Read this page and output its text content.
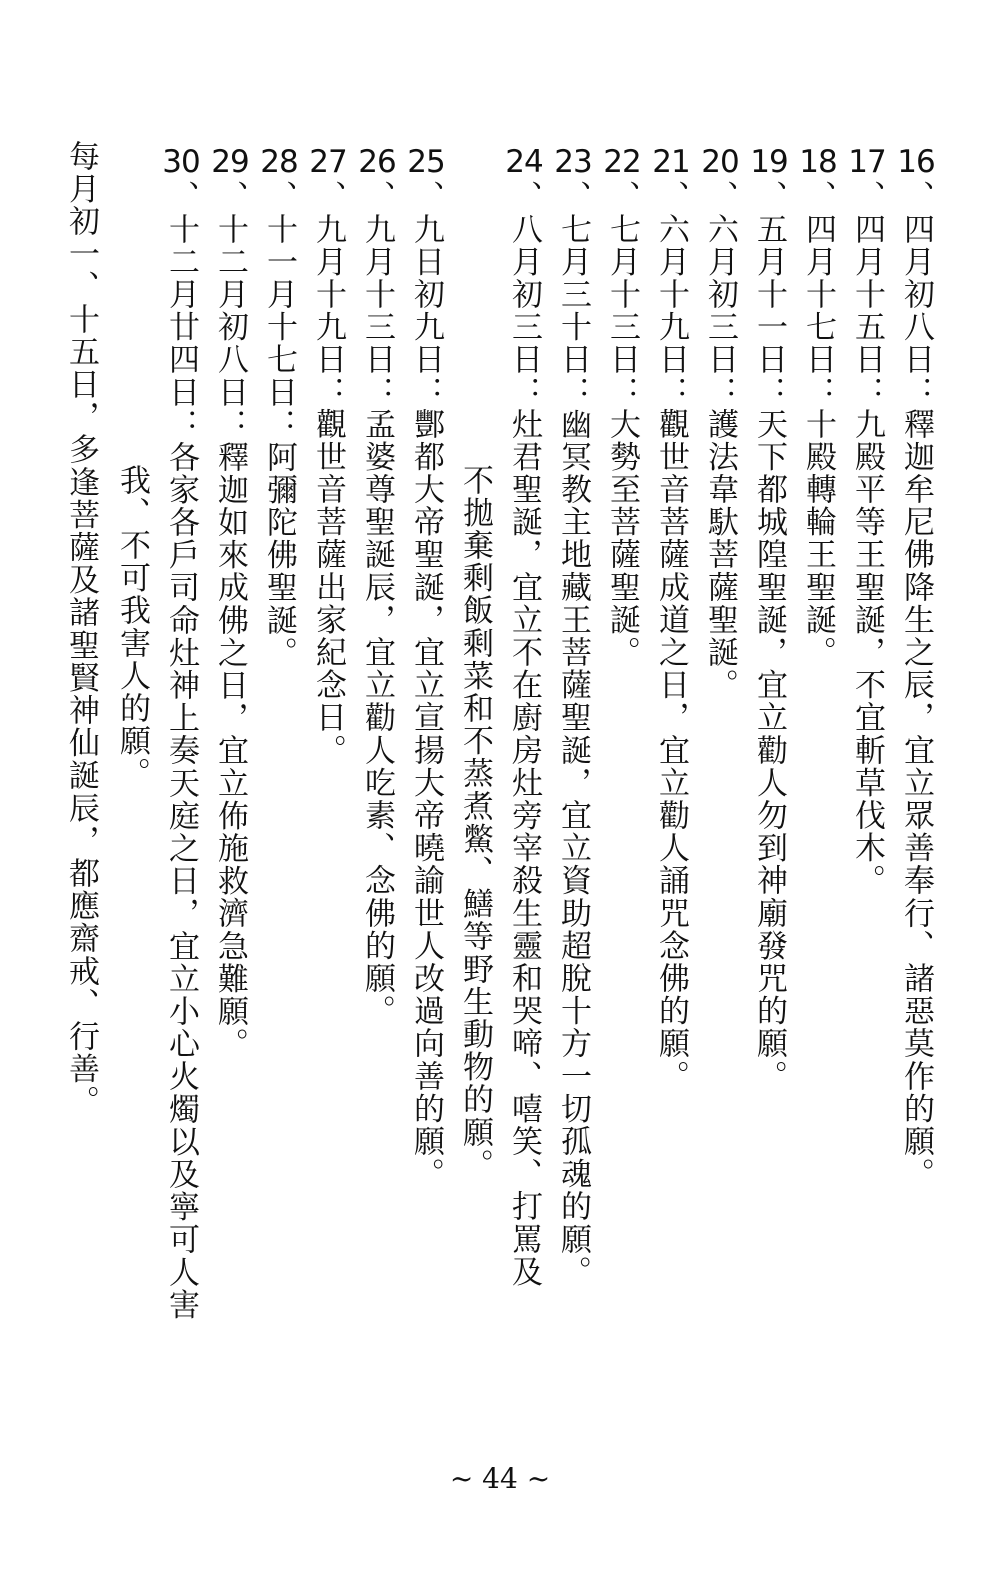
16
、
四月初八日：
釋迦牟尼佛降生之辰，宜立眾善奉行、諸惡莫作的願。
17
、
四月十五日：
九殿平等王聖誕，不宜斬草伐木。
18
、
四月十七日：
十殿轉輪王聖誕。
19
、
五月十一日：
天下都城隍聖誕，宜立勸人勿到神廟發咒的願。
20
、
六月初三日：
護法韋馱菩薩聖誕。
21
、
六月十九日：
觀世音菩薩成道之日，宜立勸人誦咒念佛的願。
22
、
七月十三日：
大勢至菩薩聖誕。
23
、
七月三十日：
幽冥教主地藏王菩薩聖誕，宜立資助超脫十方一切孤魂的願。
24
、
八月初三日：
灶君聖誕，宜立不在廚房灶旁宰殺生靈和哭啼、嘻笑、打罵及
不拋棄剩飯剩菜和不蒸煮鱉、鱔等野生動物的願。
25
、
九日初九日：
酆都大帝聖誕，宜立宣揚大帝曉諭世人改過向善的願。
26
、
九月十三日：
孟婆尊聖誕辰，宜立勸人吃素、念佛的願。
27
、
九月十九日：
觀世音菩薩出家紀念日。
28
、
十一月十七日：
阿彌陀佛聖誕。
29
、
十二月初八日：
釋迦如來成佛之日，宜立佈施救濟急難願。
30
、
十二月廿四日：
各家各戶司命灶神上奏天庭之日，宜立小心火燭以及寧可人害
我、不可我害人的願。
每月初一、十五日，多逢菩薩及諸聖賢神仙誕辰，都應齋戒、行善。
~ 44 ~
